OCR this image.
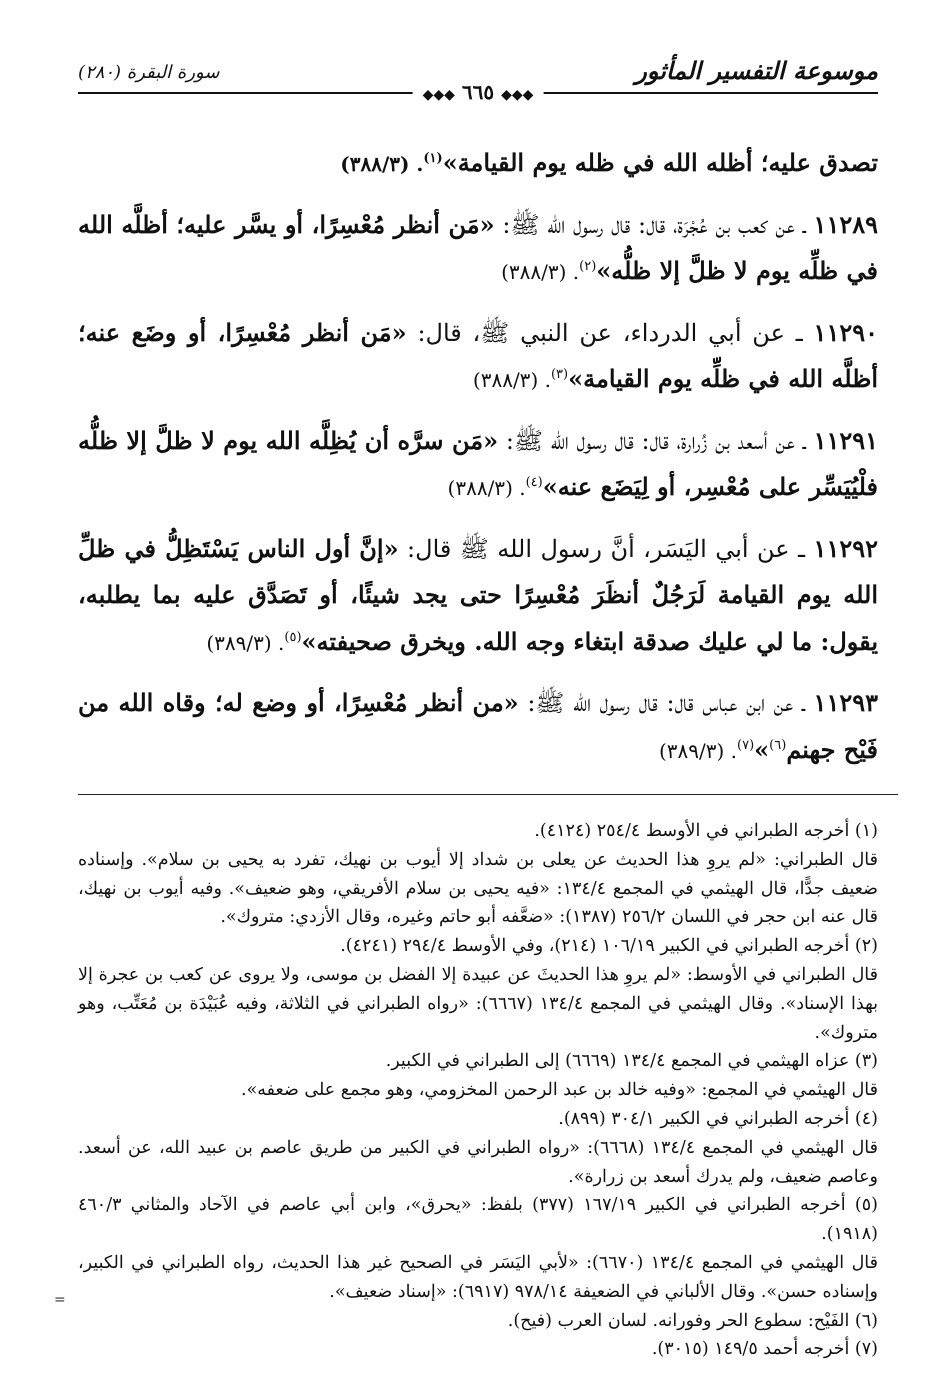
موسوعة التفسير المأثور
سورة البقرة (٢٨٠)
◆◆◆ ٦٦٥ ◆◆◆

تصدق عليه؛ أظله الله في ظله يوم القيامة»$^{(١)}$. (٣٨٨/٣)

١١٢٨٩ ـ عن كعب بن عُجْرَة، قال: قال رسول الله ﷺ: «مَن أنظر مُعْسِرًا، أو يسَّر عليه؛ أظلَّه الله في ظلِّه يوم لا ظلَّ إلا ظلُّه»$^{(٢)}$. (٣٨٨/٣)

١١٢٩٠ ـ عن أبي الدرداء، عن النبي ﷺ، قال: «مَن أنظر مُعْسِرًا، أو وضَع عنه؛ أظلَّه الله في ظلِّه يوم القيامة»$^{(٣)}$. (٣٨٨/٣)

١١٢٩١ ـ عن أسعد بن زُرارة، قال: قال رسول الله ﷺ: «مَن سرَّه أن يُظِلَّه الله يوم لا ظلَّ إلا ظلُّه فلْيُيَسِّر على مُعْسِر، أو لِيَضَع عنه»$^{(٤)}$. (٣٨٨/٣)

١١٢٩٢ ـ عن أبي اليَسَر، أنَّ رسول الله ﷺ قال: «إنَّ أول الناس يَسْتَظِلُّ في ظلِّ الله يوم القيامة لَرَجُلٌ أنظَرَ مُعْسِرًا حتى يجد شيئًا، أو تَصَدَّق عليه بما يطلبه، يقول: ما لي عليك صدقة ابتغاء وجه الله. ويخرق صحيفته»$^{(٥)}$. (٣٨٩/٣)

١١٢٩٣ ـ عن ابن عباس قال: قال رسول الله ﷺ: «من أنظر مُعْسِرًا، أو وضع له؛ وقاه الله من فَيْح جهنم$^{(٦)}$»$^{(٧)}$. (٣٨٩/٣)

(١) أخرجه الطبراني في الأوسط ٢٥٤/٤ (٤١٢٤).

قال الطبراني: «لم يروِ هذا الحديث عن يعلى بن شداد إلا أيوب بن نهيك، تفرد به يحيى بن سلام». وإسناده ضعيف جدًّا، قال الهيثمي في المجمع ١٣٤/٤: «فيه يحيى بن سلام الأفريقي، وهو ضعيف». وفيه أيوب بن نهيك، قال عنه ابن حجر في اللسان ٢٥٦/٢ (١٣٨٧): «ضعَّفه أبو حاتم وغيره، وقال الأزدي: متروك».

(٢) أخرجه الطبراني في الكبير ١٠٦/١٩ (٢١٤)، وفي الأوسط ٢٩٤/٤ (٤٢٤١).

قال الطبراني في الأوسط: «لم يروِ هذا الحديثَ عن عبيدة إلا الفضل بن موسى، ولا يروى عن كعب بن عجرة إلا بهذا الإسناد». وقال الهيثمي في المجمع ١٣٤/٤ (٦٦٦٧): «رواه الطبراني في الثلاثة، وفيه عُبَيْدَة بن مُعَتِّب، وهو متروك».

(٣) عزاه الهيثمي في المجمع ١٣٤/٤ (٦٦٦٩) إلى الطبراني في الكبير.

قال الهيثمي في المجمع: «وفيه خالد بن عبد الرحمن المخزومي، وهو مجمع على ضعفه».

(٤) أخرجه الطبراني في الكبير ٣٠٤/١ (٨٩٩).

قال الهيثمي في المجمع ١٣٤/٤ (٦٦٦٨): «رواه الطبراني في الكبير من طريق عاصم بن عبيد الله، عن أسعد. وعاصم ضعيف، ولم يدرك أسعد بن زرارة».

(٥) أخرجه الطبراني في الكبير ١٦٧/١٩ (٣٧٧) بلفظ: «يحرق»، وابن أبي عاصم في الآحاد والمثاني ٤٦٠/٣ (١٩١٨).

قال الهيثمي في المجمع ١٣٤/٤ (٦٦٧٠): «لأبي اليَسَر في الصحيح غير هذا الحديث، رواه الطبراني في الكبير، وإسناده حسن». وقال الألباني في الضعيفة ٩٧٨/١٤ (٦٩١٧): «إسناد ضعيف».

(٦) الفَيْح: سطوع الحر وفورانه. لسان العرب (فيح).

(٧) أخرجه أحمد ١٤٩/٥ (٣٠١٥).

=
